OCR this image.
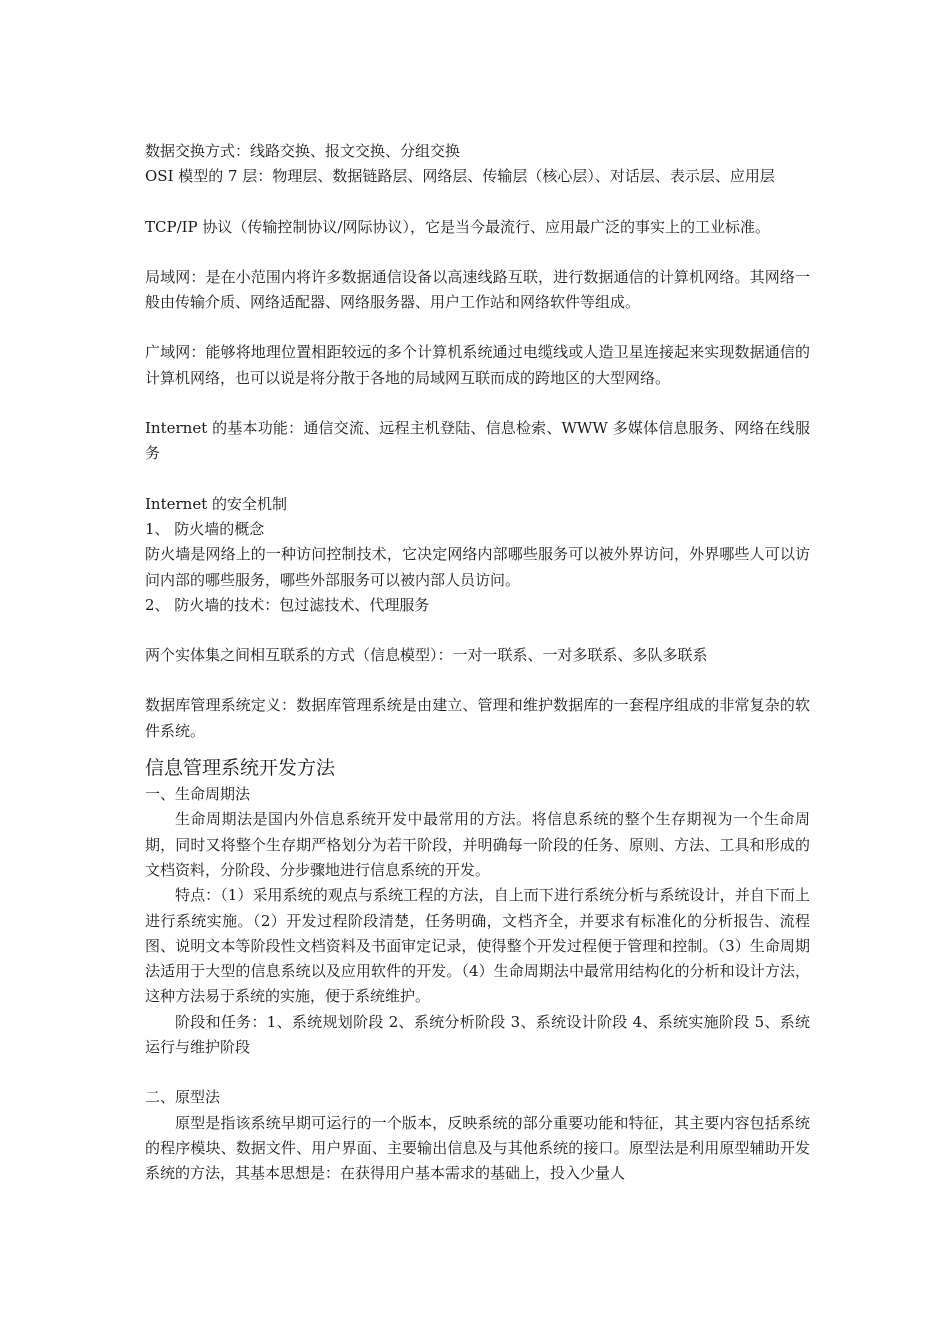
数据交换方式：线路交换、报文交换、分组交换

OSI 模型的 7 层：物理层、数据链路层、网络层、传输层（核心层）、对话层、表示层、应用层

TCP/IP 协议（传输控制协议/网际协议），它是当今最流行、应用最广泛的事实上的工业标准。

局域网：是在小范围内将许多数据通信设备以高速线路互联，进行数据通信的计算机网络。其网络一般由传输介质、网络适配器、网络服务器、用户工作站和网络软件等组成。

广域网：能够将地理位置相距较远的多个计算机系统通过电缆线或人造卫星连接起来实现数据通信的计算机网络，也可以说是将分散于各地的局域网互联而成的跨地区的大型网络。

Internet 的基本功能：通信交流、远程主机登陆、信息检索、WWW 多媒体信息服务、网络在线服务

Internet 的安全机制

1、 防火墙的概念

防火墙是网络上的一种访问控制技术，它决定网络内部哪些服务可以被外界访问，外界哪些人可以访问内部的哪些服务，哪些外部服务可以被内部人员访问。

2、 防火墙的技术：包过滤技术、代理服务

两个实体集之间相互联系的方式（信息模型）：一对一联系、一对多联系、多队多联系

数据库管理系统定义：数据库管理系统是由建立、管理和维护数据库的一套程序组成的非常复杂的软件系统。

信息管理系统开发方法

一、生命周期法

生命周期法是国内外信息系统开发中最常用的方法。将信息系统的整个生存期视为一个生命周期，同时又将整个生存期严格划分为若干阶段，并明确每一阶段的任务、原则、方法、工具和形成的文档资料，分阶段、分步骤地进行信息系统的开发。

特点：（1）采用系统的观点与系统工程的方法，自上而下进行系统分析与系统设计，并自下而上进行系统实施。（2）开发过程阶段清楚，任务明确，文档齐全，并要求有标准化的分析报告、流程图、说明文本等阶段性文档资料及书面审定记录，使得整个开发过程便于管理和控制。（3）生命周期法适用于大型的信息系统以及应用软件的开发。（4）生命周期法中最常用结构化的分析和设计方法，这种方法易于系统的实施，便于系统维护。

阶段和任务：1、系统规划阶段 2、系统分析阶段 3、系统设计阶段 4、系统实施阶段 5、系统运行与维护阶段

二、原型法

原型是指该系统早期可运行的一个版本，反映系统的部分重要功能和特征，其主要内容包括系统的程序模块、数据文件、用户界面、主要输出信息及与其他系统的接口。原型法是利用原型辅助开发系统的方法，其基本思想是：在获得用户基本需求的基础上，投入少量人
